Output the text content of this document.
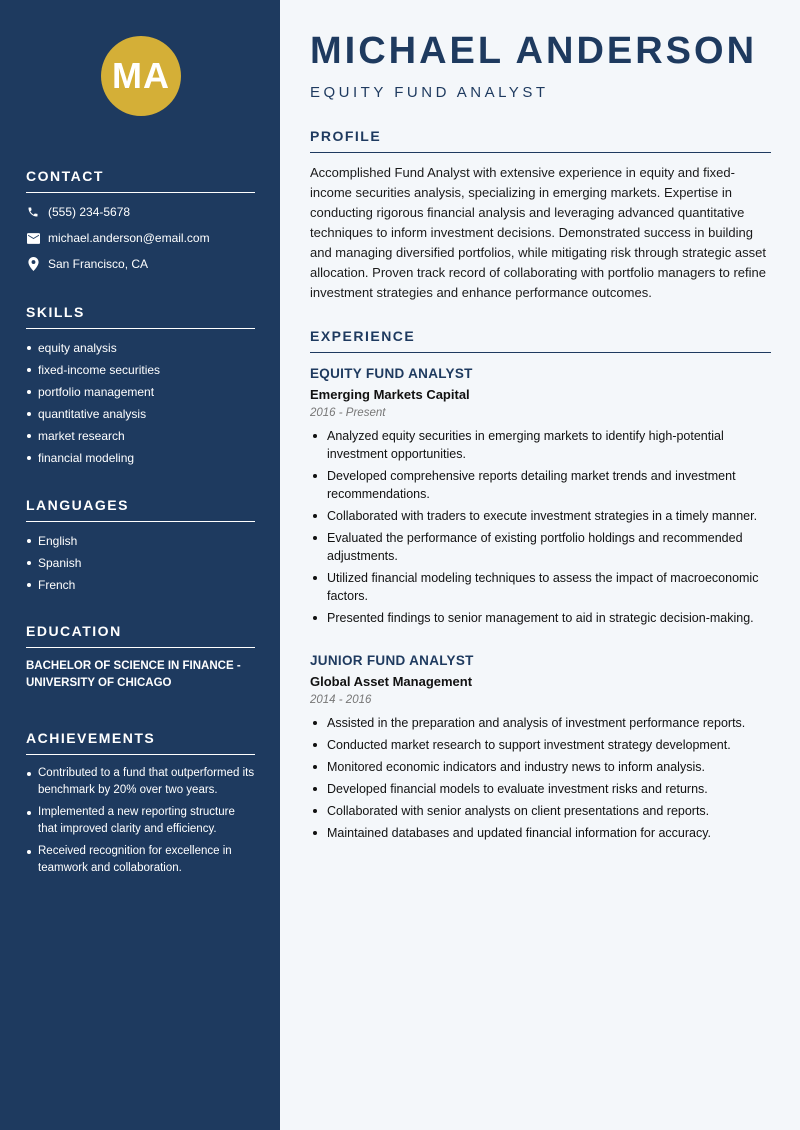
MA
CONTACT
(555) 234-5678
michael.anderson@email.com
San Francisco, CA
SKILLS
equity analysis
fixed-income securities
portfolio management
quantitative analysis
market research
financial modeling
LANGUAGES
English
Spanish
French
EDUCATION
BACHELOR OF SCIENCE IN FINANCE - UNIVERSITY OF CHICAGO
ACHIEVEMENTS
Contributed to a fund that outperformed its benchmark by 20% over two years.
Implemented a new reporting structure that improved clarity and efficiency.
Received recognition for excellence in teamwork and collaboration.
MICHAEL ANDERSON
EQUITY FUND ANALYST
PROFILE
Accomplished Fund Analyst with extensive experience in equity and fixed-income securities analysis, specializing in emerging markets. Expertise in conducting rigorous financial analysis and leveraging advanced quantitative techniques to inform investment decisions. Demonstrated success in building and managing diversified portfolios, while mitigating risk through strategic asset allocation. Proven track record of collaborating with portfolio managers to refine investment strategies and enhance performance outcomes.
EXPERIENCE
EQUITY FUND ANALYST
Emerging Markets Capital
2016 - Present
Analyzed equity securities in emerging markets to identify high-potential investment opportunities.
Developed comprehensive reports detailing market trends and investment recommendations.
Collaborated with traders to execute investment strategies in a timely manner.
Evaluated the performance of existing portfolio holdings and recommended adjustments.
Utilized financial modeling techniques to assess the impact of macroeconomic factors.
Presented findings to senior management to aid in strategic decision-making.
JUNIOR FUND ANALYST
Global Asset Management
2014 - 2016
Assisted in the preparation and analysis of investment performance reports.
Conducted market research to support investment strategy development.
Monitored economic indicators and industry news to inform analysis.
Developed financial models to evaluate investment risks and returns.
Collaborated with senior analysts on client presentations and reports.
Maintained databases and updated financial information for accuracy.
